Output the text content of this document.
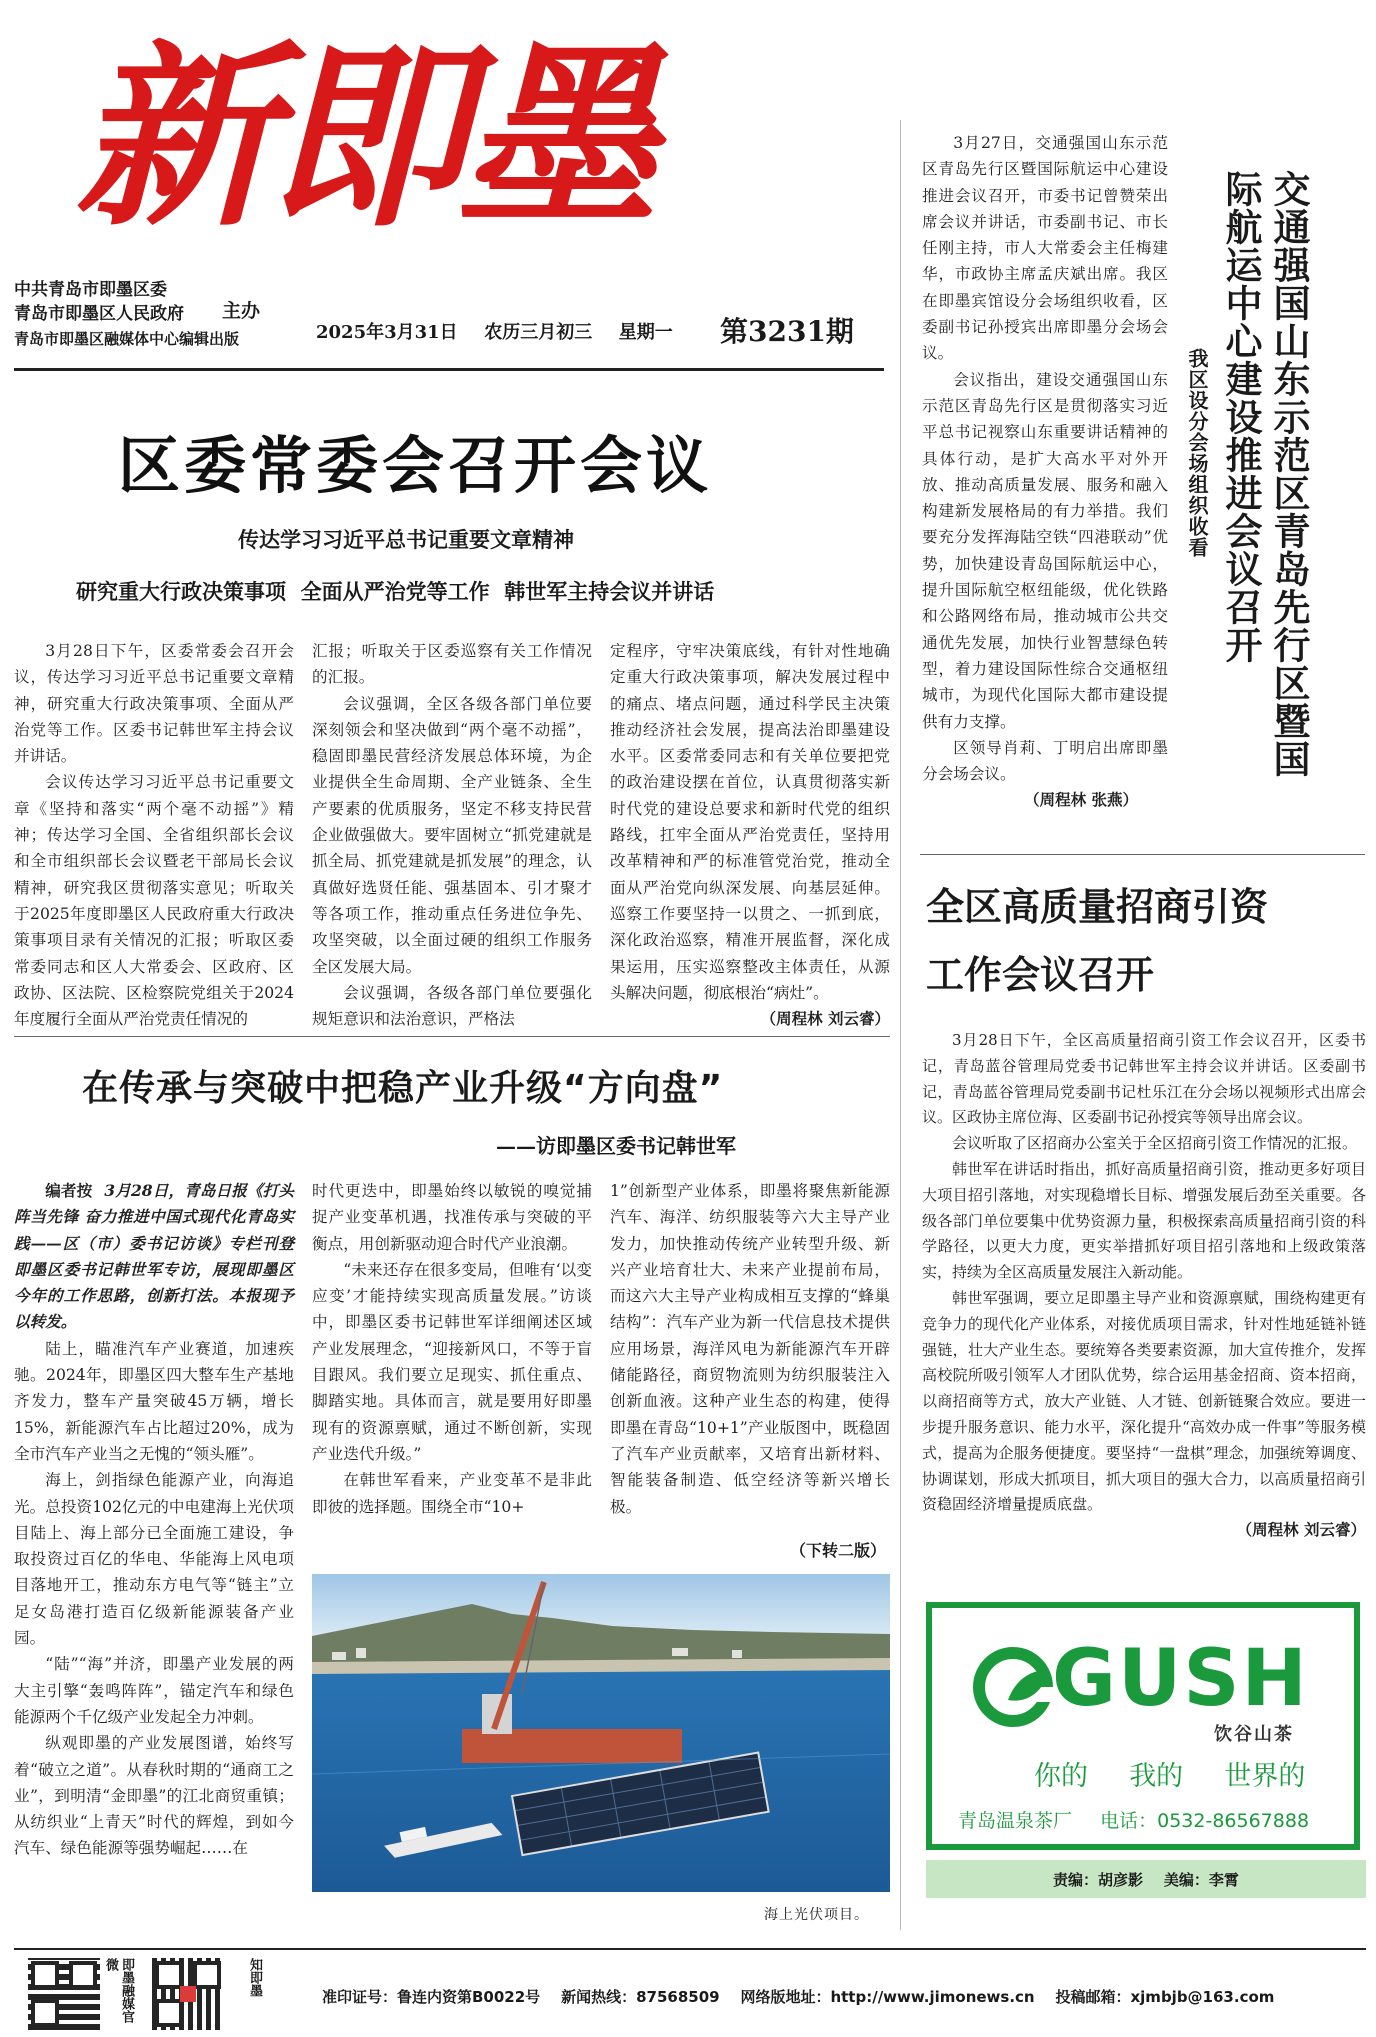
新即墨
中共青岛市即墨区委
青岛市即墨区人民政府
青岛市即墨区融媒体中心编辑出版
主办
2025年3月31日 农历三月初三 星期一 第3231期
区委常委会召开会议
传达学习习近平总书记重要文章精神
研究重大行政决策事项  全面从严治党等工作  韩世军主持会议并讲话

3月28日下午，区委常委会召开会议，传达学习习近平总书记重要文章精神，研究重大行政决策事项、全面从严治党等工作。区委书记韩世军主持会议并讲话。

会议传达学习习近平总书记重要文章《坚持和落实“两个毫不动摇”》精神；传达学习全国、全省组织部长会议和全市组织部长会议暨老干部局长会议精神，研究我区贯彻落实意见；听取关于2025年度即墨区人民政府重大行政决策事项目录有关情况的汇报；听取区委常委同志和区人大常委会、区政府、区政协、区法院、区检察院党组关于2024年度履行全面从严治党责任情况的

汇报；听取关于区委巡察有关工作情况的汇报。

会议强调，全区各级各部门单位要深刻领会和坚决做到“两个毫不动摇”，稳固即墨民营经济发展总体环境，为企业提供全生命周期、全产业链条、全生产要素的优质服务，坚定不移支持民营企业做强做大。要牢固树立“抓党建就是抓全局、抓党建就是抓发展”的理念，认真做好选贤任能、强基固本、引才聚才等各项工作，推动重点任务进位争先、攻坚突破，以全面过硬的组织工作服务全区发展大局。

会议强调，各级各部门单位要强化规矩意识和法治意识，严格法

定程序，守牢决策底线，有针对性地确定重大行政决策事项，解决发展过程中的痛点、堵点问题，通过科学民主决策推动经济社会发展，提高法治即墨建设水平。区委常委同志和有关单位要把党的政治建设摆在首位，认真贯彻落实新时代党的建设总要求和新时代党的组织路线，扛牢全面从严治党责任，坚持用改革精神和严的标准管党治党，推动全面从严治党向纵深发展、向基层延伸。巡察工作要坚持一以贯之、一抓到底，深化政治巡察，精准开展监督，深化成果运用，压实巡察整改主体责任，从源头解决问题，彻底根治“病灶”。

（周程林 刘云睿）
在传承与突破中把稳产业升级“方向盘”
——访即墨区委书记韩世军

编者按 3月28日，青岛日报《打头阵当先锋 奋力推进中国式现代化青岛实践——区（市）委书记访谈》专栏刊登即墨区委书记韩世军专访，展现即墨区今年的工作思路，创新打法。本报现予以转发。

陆上，瞄准汽车产业赛道，加速疾驰。2024年，即墨区四大整车生产基地齐发力，整车产量突破45万辆，增长15%，新能源汽车占比超过20%，成为全市汽车产业当之无愧的“领头雁”。

海上，剑指绿色能源产业，向海追光。总投资102亿元的中电建海上光伏项目陆上、海上部分已全面施工建设，争取投资过百亿的华电、华能海上风电项目落地开工，推动东方电气等“链主”立足女岛港打造百亿级新能源装备产业园。

“陆”“海”并济，即墨产业发展的两大主引擎“轰鸣阵阵”，锚定汽车和绿色能源两个千亿级产业发起全力冲刺。

纵观即墨的产业发展图谱，始终写着“破立之道”。从春秋时期的“通商工之业”，到明清“金即墨”的江北商贸重镇；从纺织业“上青天”时代的辉煌，到如今汽车、绿色能源等强势崛起……在

时代更迭中，即墨始终以敏锐的嗅觉捕捉产业变革机遇，找准传承与突破的平衡点，用创新驱动迎合时代产业浪潮。

“未来还存在很多变局，但唯有‘以变应变’才能持续实现高质量发展。”访谈中，即墨区委书记韩世军详细阐述区域产业发展理念，“迎接新风口，不等于盲目跟风。我们要立足现实、抓住重点、脚踏实地。具体而言，就是要用好即墨现有的资源禀赋，通过不断创新，实现产业迭代升级。”

在韩世军看来，产业变革不是非此即彼的选择题。围绕全市“10+

1”创新型产业体系，即墨将聚焦新能源汽车、海洋、纺织服装等六大主导产业发力，加快推动传统产业转型升级、新兴产业培育壮大、未来产业提前布局，而这六大主导产业构成相互支撑的“蜂巢结构”：汽车产业为新一代信息技术提供应用场景，海洋风电为新能源汽车开辟储能路径，商贸物流则为纺织服装注入创新血液。这种产业生态的构建，使得即墨在青岛“10+1”产业版图中，既稳固了汽车产业贡献率，又培育出新材料、智能装备制造、低空经济等新兴增长极。

（下转二版）
海上光伏项目。
交通强国山东示范区青岛先行区暨国际航运中心建设推进会议召开
我区设分会场组织收看

3月27日，交通强国山东示范区青岛先行区暨国际航运中心建设推进会议召开，市委书记曾赞荣出席会议并讲话，市委副书记、市长任刚主持，市人大常委会主任梅建华，市政协主席孟庆斌出席。我区在即墨宾馆设分会场组织收看，区委副书记孙授宾出席即墨分会场会议。

会议指出，建设交通强国山东示范区青岛先行区是贯彻落实习近平总书记视察山东重要讲话精神的具体行动，是扩大高水平对外开放、推动高质量发展、服务和融入构建新发展格局的有力举措。我们要充分发挥海陆空铁“四港联动”优势，加快建设青岛国际航运中心，提升国际航空枢纽能级，优化铁路和公路网络布局，推动城市公共交通优先发展，加快行业智慧绿色转型，着力建设国际性综合交通枢纽城市，为现代化国际大都市建设提供有力支撑。

区领导肖莉、丁明启出席即墨分会场会议。

（周程林 张燕）
全区高质量招商引资
工作会议召开

3月28日下午，全区高质量招商引资工作会议召开，区委书记，青岛蓝谷管理局党委书记韩世军主持会议并讲话。区委副书记，青岛蓝谷管理局党委副书记杜乐江在分会场以视频形式出席会议。区政协主席位海、区委副书记孙授宾等领导出席会议。

会议听取了区招商办公室关于全区招商引资工作情况的汇报。

韩世军在讲话时指出，抓好高质量招商引资，推动更多好项目大项目招引落地，对实现稳增长目标、增强发展后劲至关重要。各级各部门单位要集中优势资源力量，积极探索高质量招商引资的科学路径，以更大力度，更实举措抓好项目招引落地和上级政策落实，持续为全区高质量发展注入新动能。

韩世军强调，要立足即墨主导产业和资源禀赋，围绕构建更有竞争力的现代化产业体系，对接优质项目需求，针对性地延链补链强链，壮大产业生态。要统筹各类要素资源，加大宣传推介，发挥高校院所吸引领军人才团队优势，综合运用基金招商、资本招商，以商招商等方式，放大产业链、人才链、创新链聚合效应。要进一步提升服务意识、能力水平，深化提升“高效办成一件事”等服务模式，提高为企服务便捷度。要坚持“一盘棋”理念，加强统筹调度、协调谋划，形成大抓项目，抓大项目的强大合力，以高质量招商引资稳固经济增量提质底盘。

（周程林 刘云睿）
GUSH
饮谷山茶
你的 我的 世界的
青岛温泉茶厂 电话：0532-86567888
责编：胡彦影    美编：李霄
即墨融媒官微	知即墨	准印证号：鲁连内资第B0022号    新闻热线：87568509    网络版地址：http://www.jimonews.cn    投稿邮箱：xjmbjb@163.com
